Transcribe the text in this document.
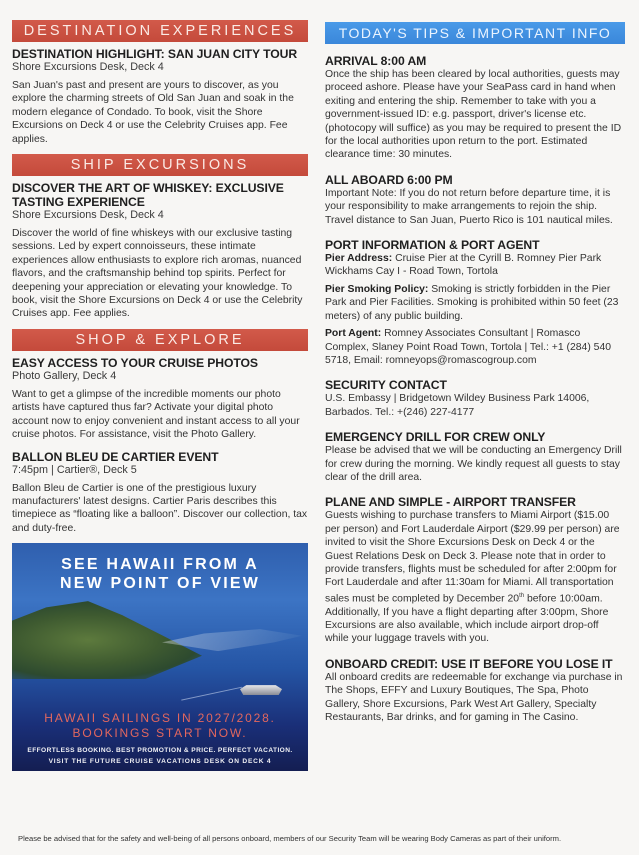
DESTINATION EXPERIENCES
DESTINATION HIGHLIGHT: SAN JUAN CITY TOUR
Shore Excursions Desk, Deck 4
San Juan's past and present are yours to discover, as you explore the charming streets of Old San Juan and soak in the modern elegance of Condado. To book, visit the Shore Excursions on Deck 4 or use the Celebrity Cruises app. Fee applies.
SHIP EXCURSIONS
DISCOVER THE ART OF WHISKEY: EXCLUSIVE TASTING EXPERIENCE
Shore Excursions Desk, Deck 4
Discover the world of fine whiskeys with our exclusive tasting sessions. Led by expert connoisseurs, these intimate experiences allow enthusiasts to explore rich aromas, nuanced flavors, and the craftsmanship behind top spirits. Perfect for deepening your appreciation or elevating your knowledge. To book, visit the Shore Excursions on Deck 4 or use the Celebrity Cruises app. Fee applies.
SHOP & EXPLORE
EASY ACCESS TO YOUR CRUISE PHOTOS
Photo Gallery, Deck 4
Want to get a glimpse of the incredible moments our photo artists have captured thus far? Activate your digital photo account now to enjoy convenient and instant access to all your cruise photos. For assistance, visit the Photo Gallery.
BALLON BLEU DE CARTIER EVENT
7:45pm | Cartier®, Deck 5
Ballon Bleu de Cartier is one of the prestigious luxury manufacturers' latest designs. Cartier Paris describes this timepiece as “floating like a balloon”. Discover our collection, tax and duty-free.
SEE HAWAII FROM A
NEW POINT OF VIEW
HAWAII SAILINGS IN 2027/2028.
BOOKINGS START NOW.
EFFORTLESS BOOKING. BEST PROMOTION & PRICE. PERFECT VACATION.
VISIT THE FUTURE CRUISE VACATIONS DESK ON DECK 4
TODAY'S TIPS & IMPORTANT INFO
ARRIVAL 8:00 AM
Once the ship has been cleared by local authorities, guests may proceed ashore. Please have your SeaPass card in hand when exiting and entering the ship. Remember to take with you a government-issued ID: e.g. passport, driver's license etc. (photocopy will suffice) as you may be required to present the ID for the local authorities upon return to the port. Estimated clearance time: 30 minutes.
ALL ABOARD 6:00 PM
Important Note: If you do not return before departure time, it is your responsibility to make arrangements to rejoin the ship. Travel distance to San Juan, Puerto Rico is 101 nautical miles.
PORT INFORMATION & PORT AGENT
Pier Address: Cruise Pier at the Cyrill B. Romney Pier Park Wickhams Cay I - Road Town, Tortola
Pier Smoking Policy: Smoking is strictly forbidden in the Pier Park and Pier Facilities. Smoking is prohibited within 50 feet (23 meters) of any public building.
Port Agent: Romney Associates Consultant | Romasco Complex, Slaney Point Road Town, Tortola | Tel.: +1 (284) 540 5718, Email: romneyops@romascogroup.com
SECURITY CONTACT
U.S. Embassy | Bridgetown Wildey Business Park 14006, Barbados. Tel.: +(246) 227-4177
EMERGENCY DRILL FOR CREW ONLY
Please be advised that we will be conducting an Emergency Drill for crew during the morning. We kindly request all guests to stay clear of the drill area.
PLANE AND SIMPLE - AIRPORT TRANSFER
Guests wishing to purchase transfers to Miami Airport ($15.00 per person) and Fort Lauderdale Airport ($29.99 per person) are invited to visit the Shore Excursions Desk on Deck 4 or the Guest Relations Desk on Deck 3. Please note that in order to provide transfers, flights must be scheduled for after 2:00pm for Fort Lauderdale and after 11:30am for Miami. All transportation sales must be completed by December 20th before 10:00am. Additionally, If you have a flight departing after 3:00pm, Shore Excursions are also available, which include airport drop-off while your luggage travels with you.
ONBOARD CREDIT: USE IT BEFORE YOU LOSE IT
All onboard credits are redeemable for exchange via purchase in The Shops, EFFY and Luxury Boutiques, The Spa, Photo Gallery, Shore Excursions, Park West Art Gallery, Specialty Restaurants, Bar drinks, and for gaming in The Casino.
Please be advised that for the safety and well-being of all persons onboard, members of our Security Team will be wearing Body Cameras as part of their uniform.
